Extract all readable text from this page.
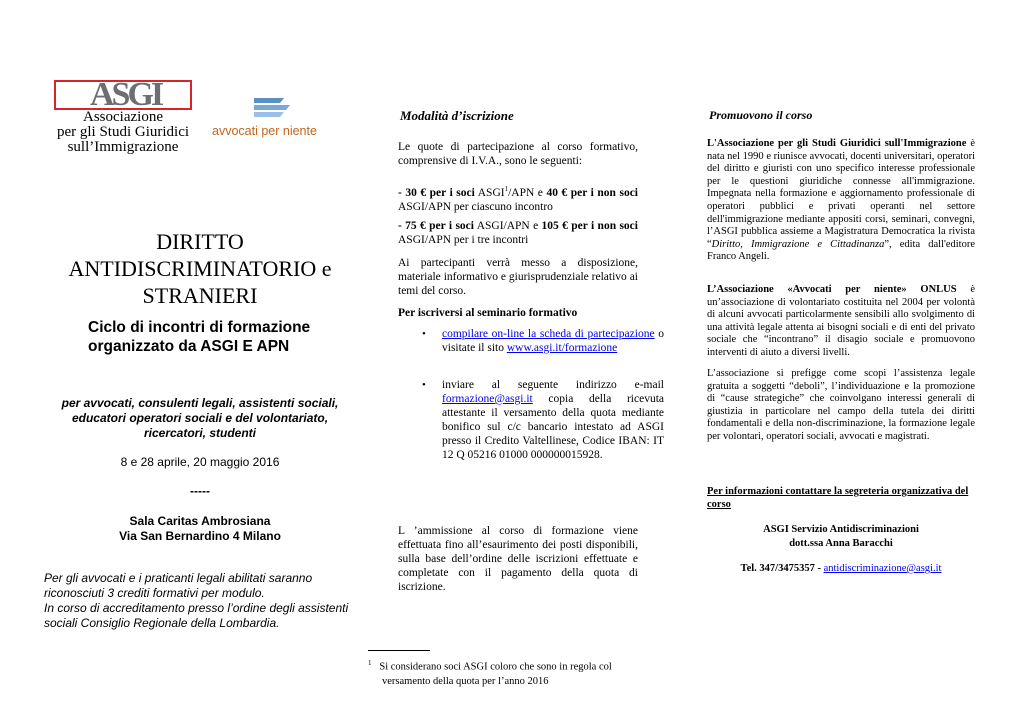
ASGI
Associazione
per gli Studi Giuridici
sull’Immigrazione
avvocati per niente
DIRITTO
ANTIDISCRIMINATORIO e
STRANIERI
Ciclo di incontri di formazione
organizzato da ASGI E APN
per avvocati, consulenti legali, assistenti sociali,
educatori operatori sociali e del volontariato,
ricercatori, studenti
8 e 28 aprile, 20 maggio 2016
-----
Sala Caritas Ambrosiana
Via San Bernardino 4 Milano
Per gli avvocati e i praticanti legali abilitati saranno
riconosciuti 3 crediti formativi per modulo.
In corso di accreditamento presso l’ordine degli assistenti
sociali Consiglio Regionale della Lombardia.
Modalità d’iscrizione
Le quote di partecipazione al corso formativo, comprensive di I.V.A., sono le seguenti:
- 30 € per i soci ASGI$^1$/APN e 40 € per i non soci ASGI/APN per ciascuno incontro
- 75 € per i soci ASGI/APN e 105 € per i non soci ASGI/APN per i tre incontri
Ai partecipanti verrà messo a disposizione, materiale informativo e giurisprudenziale relativo ai temi del corso.
Per iscriversi al seminario formativo
• compilare on-line la scheda di partecipazione o visitate il sito www.asgi.it/formazione
• inviare al seguente indirizzo e-mail formazione@asgi.it copia della ricevuta attestante il versamento della quota mediante bonifico sul c/c bancario intestato ad ASGI presso il Credito Valtellinese, Codice IBAN: IT 12 Q 05216 01000 000000015928.
L ’ammissione al corso di formazione viene effettuata fino all’esaurimento dei posti disponibili, sulla base dell’ordine delle iscrizioni effettuate e completate con il pagamento della quota di iscrizione.
$^1$ Si considerano soci ASGI coloro che sono in regola col
versamento della quota per l’anno 2016
Promuovono il corso
L'Associazione per gli Studi Giuridici sull'Immigrazione è nata nel 1990 e riunisce avvocati, docenti universitari, operatori del diritto e giuristi con uno specifico interesse professionale per le questioni giuridiche connesse all'immigrazione. Impegnata nella formazione e aggiornamento professionale di operatori pubblici e privati operanti nel settore dell'immigrazione mediante appositi corsi, seminari, convegni, l’ASGI pubblica assieme a Magistratura Democratica la rivista “Diritto, Immigrazione e Cittadinanza”, edita dall'editore Franco Angeli.
L’Associazione «Avvocati per niente» ONLUS è un’associazione di volontariato costituita nel 2004 per volontà di alcuni avvocati particolarmente sensibili allo svolgimento di una attività legale attenta ai bisogni sociali e di enti del privato sociale che “incontrano” il disagio sociale e promuovono interventi di aiuto a diversi livelli.
L’associazione si prefigge come scopi l’assistenza legale gratuita a soggetti “deboli”, l’individuazione e la promozione di “cause strategiche” che coinvolgano interessi generali di giustizia in particolare nel campo della tutela dei diritti fondamentali e della non-discriminazione, la formazione legale per volontari, operatori sociali, avvocati e magistrati.
Per informazioni contattare la segreteria organizzativa del corso
ASGI Servizio Antidiscriminazioni
dott.ssa Anna Baracchi
Tel. 347/3475357 - antidiscriminazione@asgi.it
